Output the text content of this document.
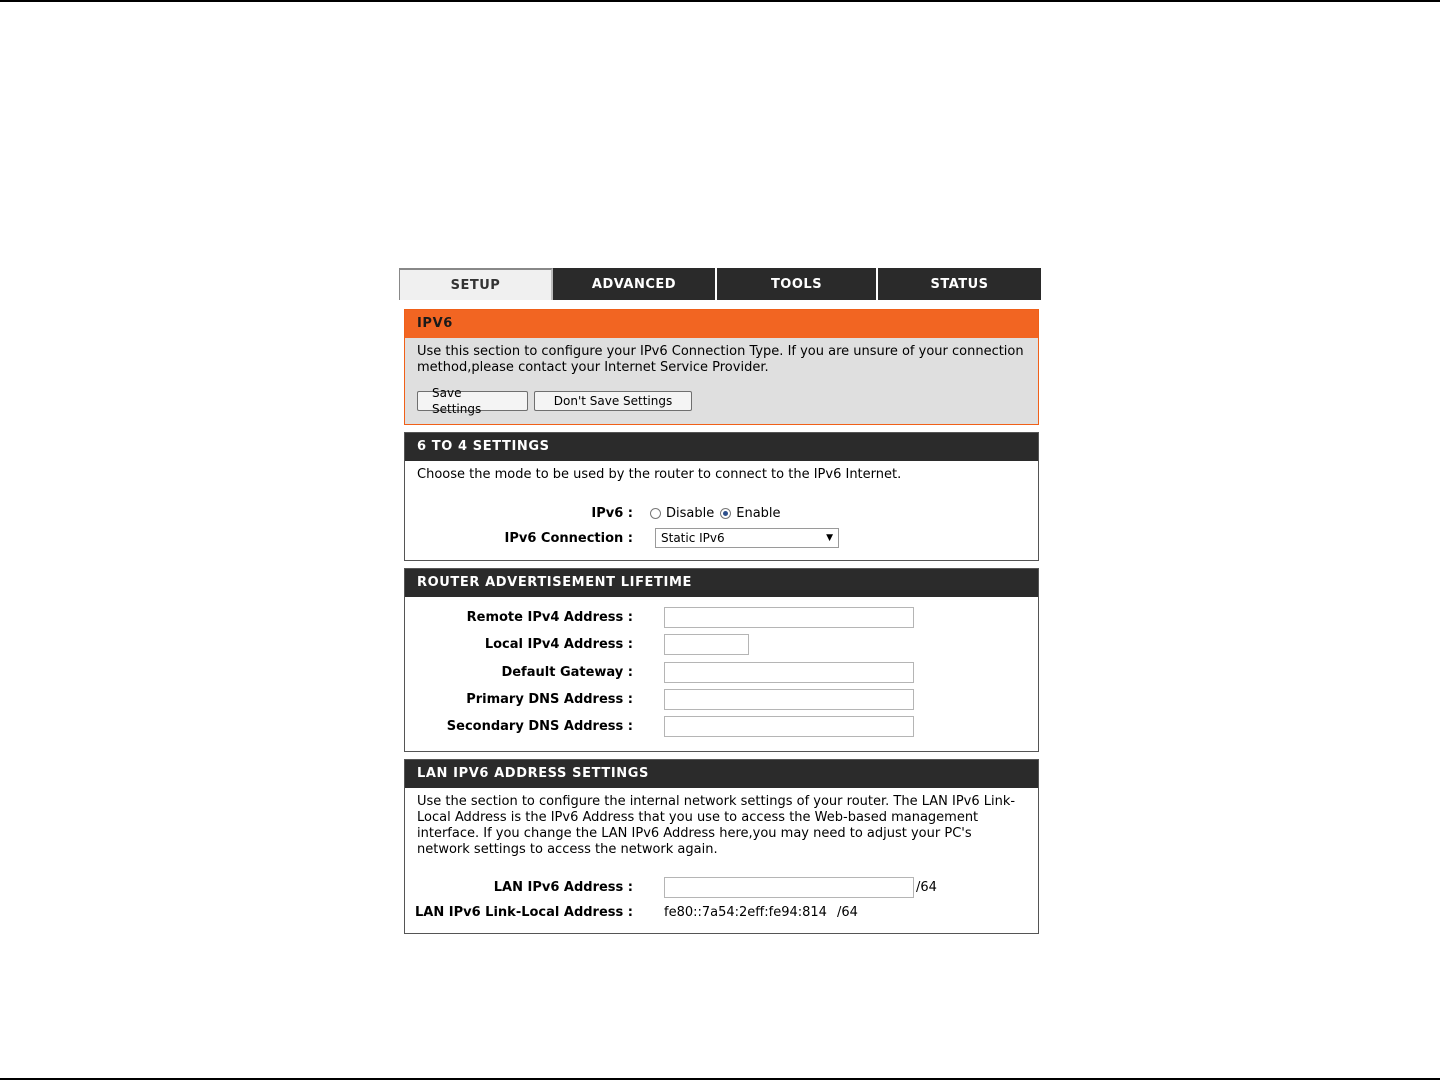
SETUP	ADVANCED	TOOLS	STATUS
IPV6
Use this section to configure your IPv6 Connection Type. If you are unsure of your connection method,please contact your Internet Service Provider.
Save Settings
Don't Save Settings
6 TO 4 SETTINGS
Choose the mode to be used by the router to connect to the IPv6 Internet.
IPv6 :	Disable Enable
IPv6 Connection :	Static IPv6	▼
ROUTER ADVERTISEMENT LIFETIME
Remote IPv4 Address :
Local IPv4 Address :
Default Gateway :
Primary DNS Address :
Secondary DNS Address :
LAN IPV6 ADDRESS SETTINGS
Use the section to configure the internal network settings of your router. The LAN IPv6 Link-Local Address is the IPv6 Address that you use to access the Web-based management interface. If you change the LAN IPv6 Address here,you may need to adjust your PC's network settings to access the network again.
LAN IPv6 Address :	/64
LAN IPv6 Link-Local Address :	fe80::7a54:2eff:fe94:814 /64
